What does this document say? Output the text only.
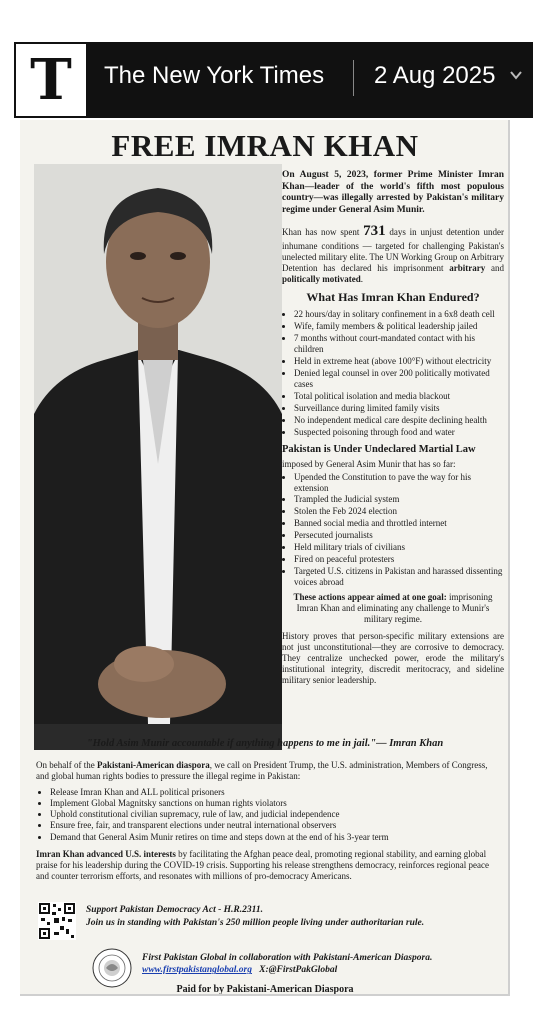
T The New York Times 2 Aug 2025
FREE IMRAN KHAN

On August 5, 2023, former Prime Minister Imran Khan—leader of the world's fifth most populous country—was illegally arrested by Pakistan's military regime under General Asim Munir.

Khan has now spent 731 days in unjust detention under inhumane conditions — targeted for challenging Pakistan's unelected military elite. The UN Working Group on Arbitrary Detention has declared his imprisonment arbitrary and politically motivated.

What Has Imran Khan Endured?
• 22 hours/day in solitary confinement in a 6x8 death cell
• Wife, family members & political leadership jailed
• 7 months without court-mandated contact with his children
• Held in extreme heat (above 100°F) without electricity
• Denied legal counsel in over 200 politically motivated cases
• Total political isolation and media blackout
• Surveillance during limited family visits
• No independent medical care despite declining health
• Suspected poisoning through food and water
Pakistan is Under Undeclared Martial Law

imposed by General Asim Munir that has so far:

• Upended the Constitution to pave the way for his extension
• Trampled the Judicial system
• Stolen the Feb 2024 election
• Banned social media and throttled internet
• Persecuted journalists
• Held military trials of civilians
• Fired on peaceful protesters
• Targeted U.S. citizens in Pakistan and harassed dissenting voices abroad

These actions appear aimed at one goal: imprisoning Imran Khan and eliminating any challenge to Munir's military regime.

History proves that person-specific military extensions are not just unconstitutional—they are corrosive to democracy. They centralize unchecked power, erode the military's institutional integrity, discredit meritocracy, and sideline military senior leadership.

"Hold Asim Munir accountable if anything happens to me in jail."— Imran Khan

On behalf of the Pakistani-American diaspora, we call on President Trump, the U.S. administration, Members of Congress, and global human rights bodies to pressure the illegal regime in Pakistan:

• Release Imran Khan and ALL political prisoners
• Implement Global Magnitsky sanctions on human rights violators
• Uphold constitutional civilian supremacy, rule of law, and judicial independence
• Ensure free, fair, and transparent elections under neutral international observers
• Demand that General Asim Munir retires on time and steps down at the end of his 3-year term

Imran Khan advanced U.S. interests by facilitating the Afghan peace deal, promoting regional stability, and earning global praise for his leadership during the COVID-19 crisis. Supporting his release strengthens democracy, reinforces regional peace and counter terrorism efforts, and resonates with millions of pro-democracy Americans.

Support Pakistan Democracy Act - H.R.2311.
Join us in standing with Pakistan's 250 million people living under authoritarian rule.
First Pakistan Global in collaboration with Pakistani-American Diaspora.
www.firstpakistanglobal.org X:@FirstPakGlobal
Paid for by Pakistani-American Diaspora
